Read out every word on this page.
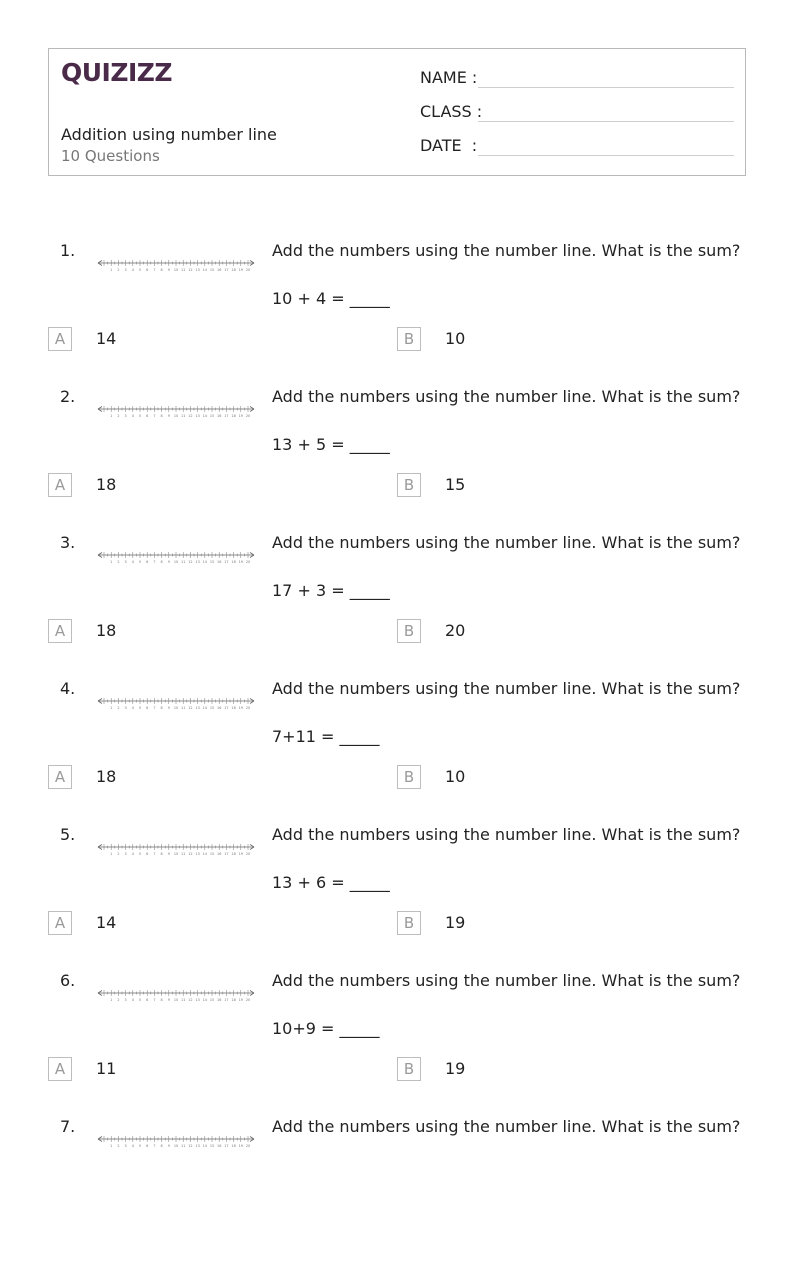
QUIZIZZ
Addition using number line
10 Questions
NAME :
CLASS :
DATE  :
1.
1 2 3 4 5 6 7 8 9 10 11 12 13 14 15 16 17 18 19 20
Add the numbers using the number line. What is the sum?
10 + 4 = _____
A	14	B	10
2.
1 2 3 4 5 6 7 8 9 10 11 12 13 14 15 16 17 18 19 20
Add the numbers using the number line. What is the sum?
13 + 5 = _____
A	18	B	15
3.
1 2 3 4 5 6 7 8 9 10 11 12 13 14 15 16 17 18 19 20
Add the numbers using the number line. What is the sum?
17 + 3 = _____
A	18	B	20
4.
1 2 3 4 5 6 7 8 9 10 11 12 13 14 15 16 17 18 19 20
Add the numbers using the number line. What is the sum?
7+11 = _____
A	18	B	10
5.
1 2 3 4 5 6 7 8 9 10 11 12 13 14 15 16 17 18 19 20
Add the numbers using the number line. What is the sum?
13 + 6 = _____
A	14	B	19
6.
1 2 3 4 5 6 7 8 9 10 11 12 13 14 15 16 17 18 19 20
Add the numbers using the number line. What is the sum?
10+9 = _____
A	11	B	19
7.
1 2 3 4 5 6 7 8 9 10 11 12 13 14 15 16 17 18 19 20
Add the numbers using the number line. What is the sum?
